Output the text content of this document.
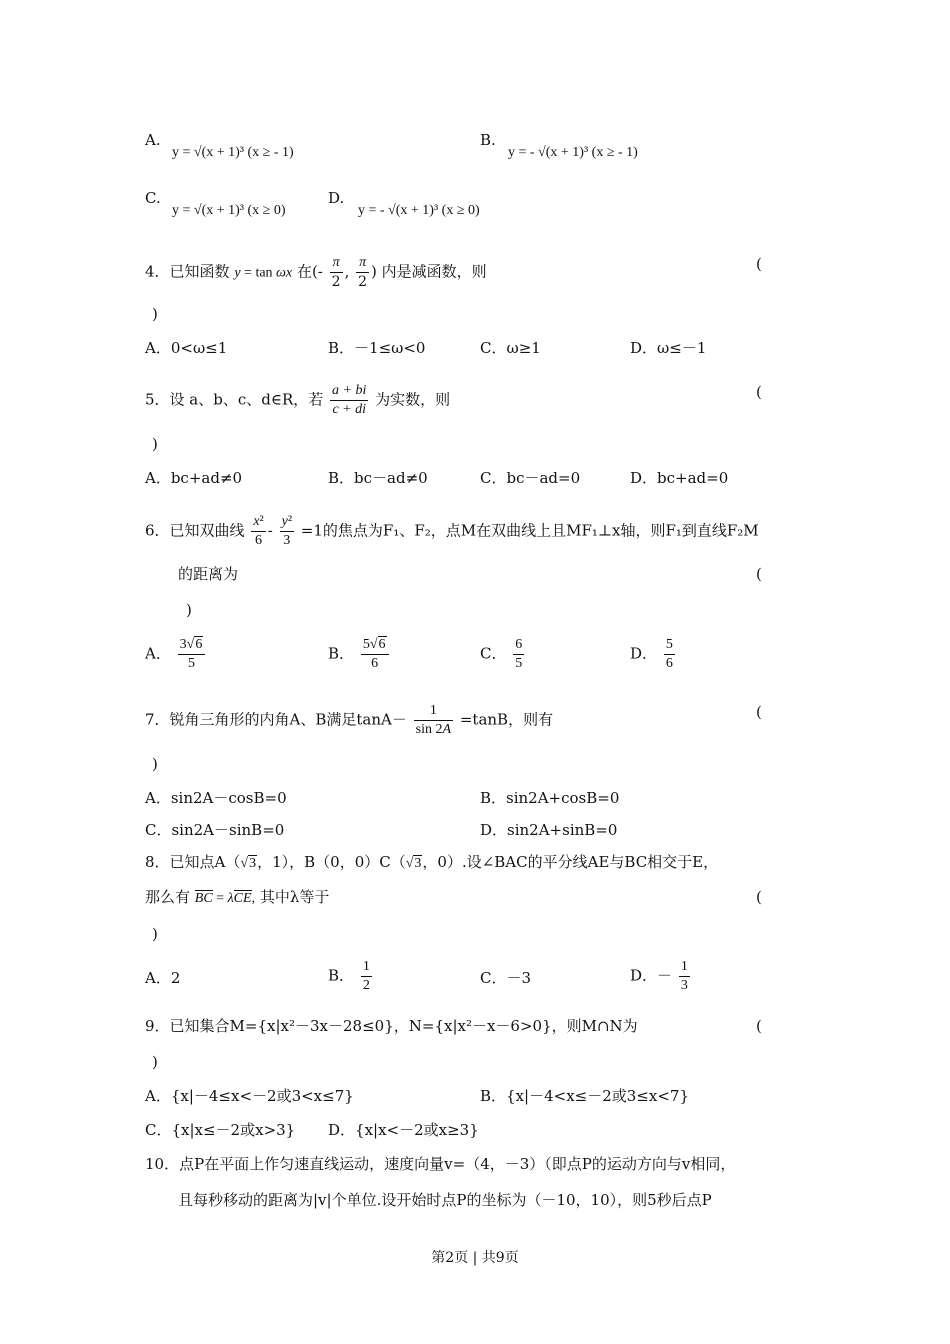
A.
y = √(x + 1)³ (x ≥ - 1)
B.
y = - √(x + 1)³ (x ≥ - 1)
C.
y = √(x + 1)³ (x ≥ 0)
D.
y = - √(x + 1)³ (x ≥ 0)
4．已知函数 y = tan ωx 在(- $\frac{\pi}{2}$ , $\frac{\pi}{2}$ ) 内是减函数，则	(
)
A．0<ω≤1	B．－1≤ω<0	C．ω≥1	D．ω≤－1
5．设 a、b、c、d∈R，若 $\frac{a + bi}{c + di}$ 为实数，则	(
)
A．bc+ad≠0	B．bc－ad≠0	C．bc－ad=0	D．bc+ad=0
6．已知双曲线 $\frac{\text{x²}}{6} - \frac{\text{y²}}{3} =1$的焦点为F₁、F₂，点M在双曲线上且MF₁⊥x轴，则F₁到直线F₂M
的距离为	(
)
A． $\frac{3√6}{5}$	B． $\frac{5√6}{6}$	C． $\frac{6}{5}$	D． $\frac{5}{6}$
7．锐角三角形的内角A、B满足$\tan A- \frac{1}{\sin 2A} =\tan B$，则有	(
)
A．sin2A－cosB=0	B．sin2A+cosB=0
C．sin2A－sinB=0	D．sin2A+sinB=0
8．已知点A（√3，1），B（0，0）C（√3，0）.设∠BAC的平分线AE与BC相交于E，
那么有 BC = λCE, 其中λ等于	(
)
A．2	B． $\frac{1}{2}$	C．－3	D．－ $\frac{1}{3}$
9．已知集合M={x|x²－3x－28≤0}，N={x|x²－x－6>0}，则M∩N为	(
)
A．{x|－4≤x<－2或3<x≤7}	B．{x|－4<x≤－2或3≤x<7}
C．{x|x≤－2或x>3} D．{x|x<－2或x≥3}
10．点P在平面上作匀速直线运动，速度向量v=（4，－3）（即点P的运动方向与v相同，
且每秒移动的距离为|v|个单位.设开始时点P的坐标为（－10，10），则5秒后点P
第2页 | 共9页
